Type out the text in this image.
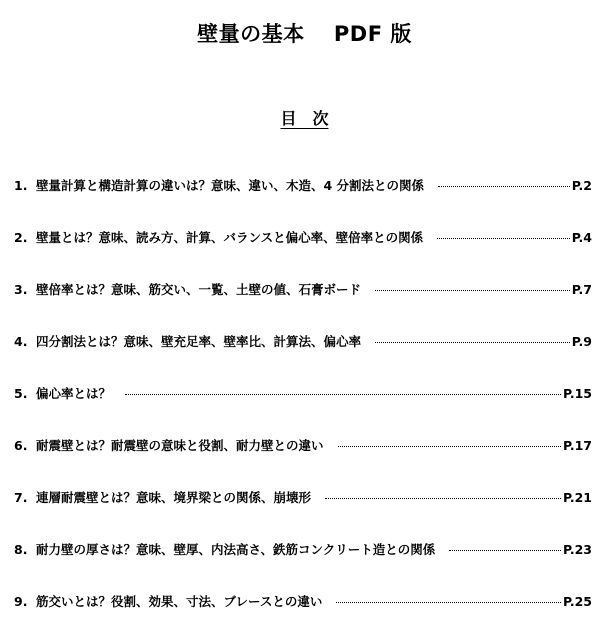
壁量の基本　 PDF 版
目　次
1. 壁量計算と構造計算の違いは？意味、違い、木造、4 分割法との関係	P.2
2. 壁量とは？意味、読み方、計算、バランスと偏心率、壁倍率との関係	P.4
3. 壁倍率とは？意味、筋交い、一覧、土壁の値、石膏ボード	P.7
4. 四分割法とは？意味、壁充足率、壁率比、計算法、偏心率	P.9
5. 偏心率とは？	P.15
6. 耐震壁とは？耐震壁の意味と役割、耐力壁との違い	P.17
7. 連層耐震壁とは？意味、境界梁との関係、崩壊形	P.21
8. 耐力壁の厚さは？意味、壁厚、内法高さ、鉄筋コンクリート造との関係	P.23
9. 筋交いとは？役割、効果、寸法、ブレースとの違い	P.25
